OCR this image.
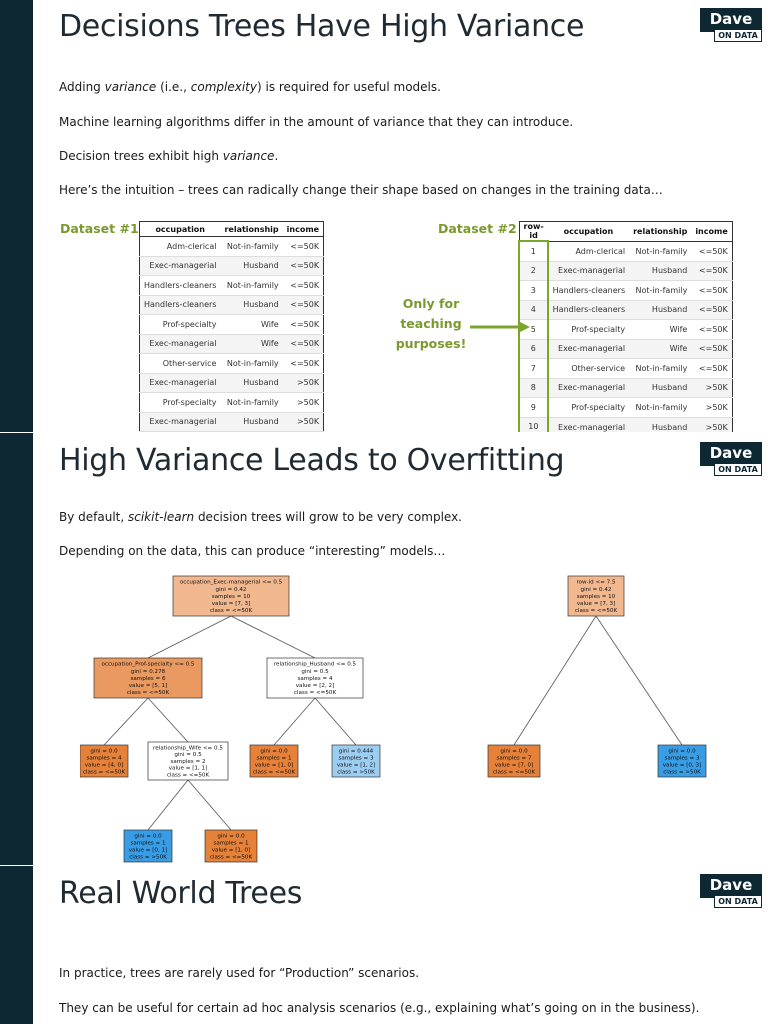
Decisions Trees Have High Variance	Dave
ON DATA
Adding variance (i.e., complexity) is required for useful models.
Machine learning algorithms differ in the amount of variance that they can introduce.
Decision trees exhibit high variance.
Here’s the intuition – trees can radically change their shape based on changes in the training data…
Dataset #1 occupation	relationship	income
Adm-clerical	Not-in-family	<=50K
Exec-managerial	Husband	<=50K
Handlers-cleaners	Not-in-family	<=50K
Handlers-cleaners	Husband	<=50K
Prof-specialty	Wife	<=50K
Exec-managerial	Wife	<=50K
Other-service	Not-in-family	<=50K
Exec-managerial	Husband	>50K
Prof-specialty	Not-in-family	>50K
Exec-managerial	Husband	>50K
Dataset #2 row-id	occupation	relationship	income
1	Adm-clerical	Not-in-family	<=50K
2	Exec-managerial	Husband	<=50K
3	Handlers-cleaners	Not-in-family	<=50K
4	Handlers-cleaners	Husband	<=50K
5	Prof-specialty	Wife	<=50K
6	Exec-managerial	Wife	<=50K
7	Other-service	Not-in-family	<=50K
8	Exec-managerial	Husband	>50K
9	Prof-specialty	Not-in-family	>50K
10	Exec-managerial	Husband	>50K
Only for
teaching
purposes!
High Variance Leads to Overfitting	Dave
ON DATA
By default, scikit-learn decision trees will grow to be very complex.
Depending on the data, this can produce “interesting” models…
occupation_Exec-managerial <= 0.5
gini = 0.42
samples = 10
value = [7, 3]
class = <=50K
occupation_Prof-specialty <= 0.5
gini = 0.278
samples = 6
value = [5, 1]
class = <=50K
relationship_Husband <= 0.5
gini = 0.5
samples = 4
value = [2, 2]
class = <=50K
gini = 0.0
samples = 4
value = [4, 0]
class = <=50K
relationship_Wife <= 0.5
gini = 0.5
samples = 2
value = [1, 1]
class = <=50K
gini = 0.0
samples = 1
value = [1, 0]
class = <=50K
gini = 0.444
samples = 3
value = [1, 2]
class = >50K
gini = 0.0
samples = 1
value = [0, 1]
class = >50K
gini = 0.0
samples = 1
value = [1, 0]
class = <=50K
row-id <= 7.5
gini = 0.42
samples = 10
value = [7, 3]
class = <=50K
gini = 0.0
samples = 7
value = [7, 0]
class = <=50K
gini = 0.0
samples = 3
value = [0, 3]
class = >50K
Real World Trees	Dave
ON DATA
In practice, trees are rarely used for “Production” scenarios.
They can be useful for certain ad hoc analysis scenarios (e.g., explaining what’s going on in the business).
